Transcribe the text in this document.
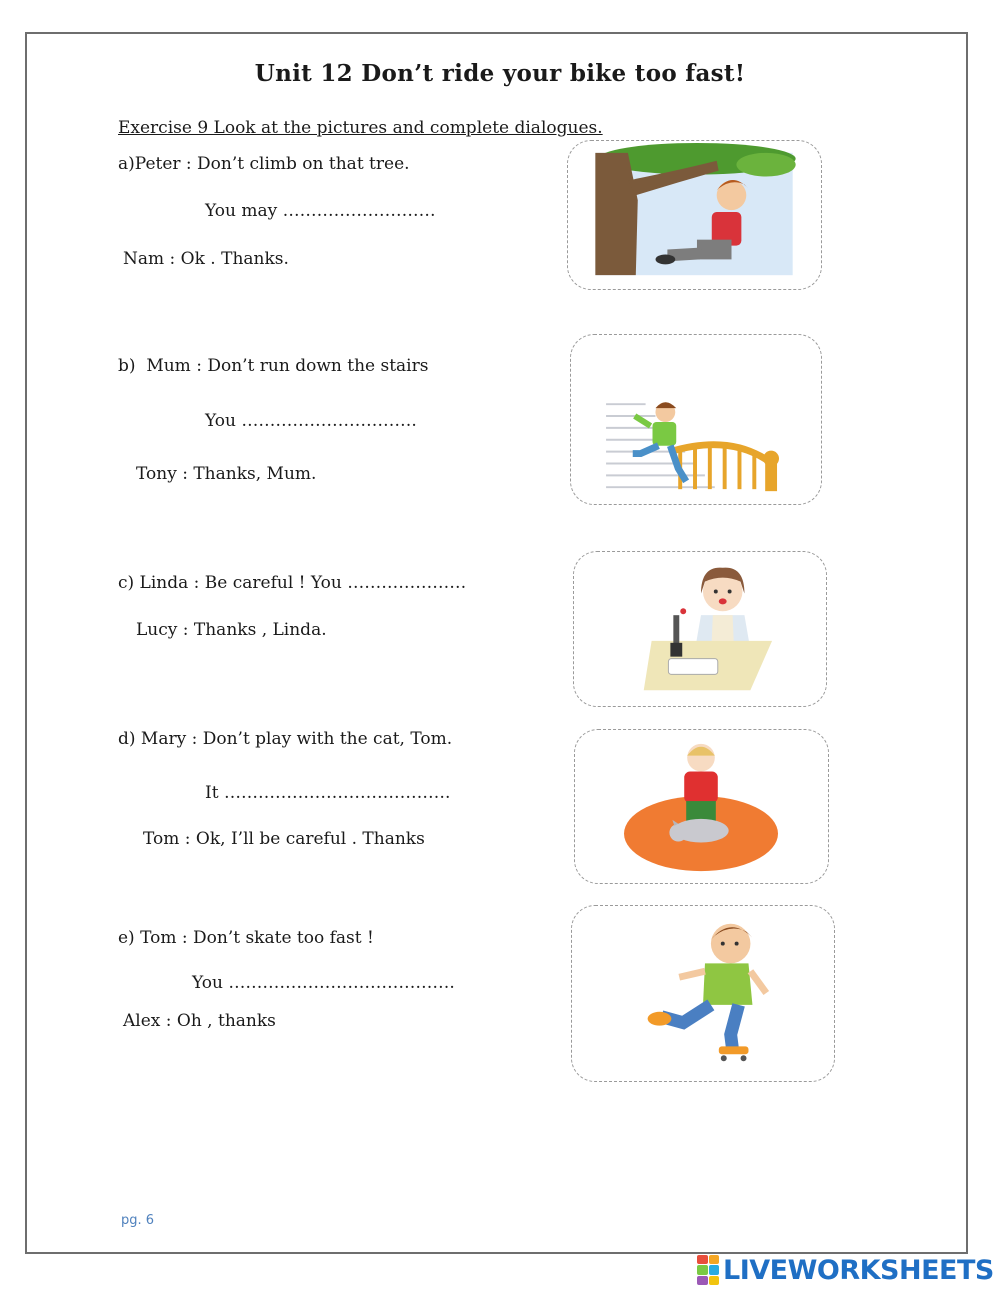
Unit 12 Don’t ride your bike too fast!
Exercise 9 Look at the pictures and complete dialogues.
a)Peter : Don’t climb on that tree.
You may ………………………
Nam : Ok . Thanks.
b)  Mum : Don’t run down the stairs
You ………………………….
Tony : Thanks, Mum.
c) Linda : Be careful ! You …………………
Lucy : Thanks , Linda.
d) Mary : Don’t play with the cat, Tom.
It ………………………………….
Tom : Ok, I’ll be careful . Thanks
e) Tom : Don’t skate too fast !
You ………………………………….
Alex : Oh , thanks
pg. 6
LIVEWORKSHEETS
